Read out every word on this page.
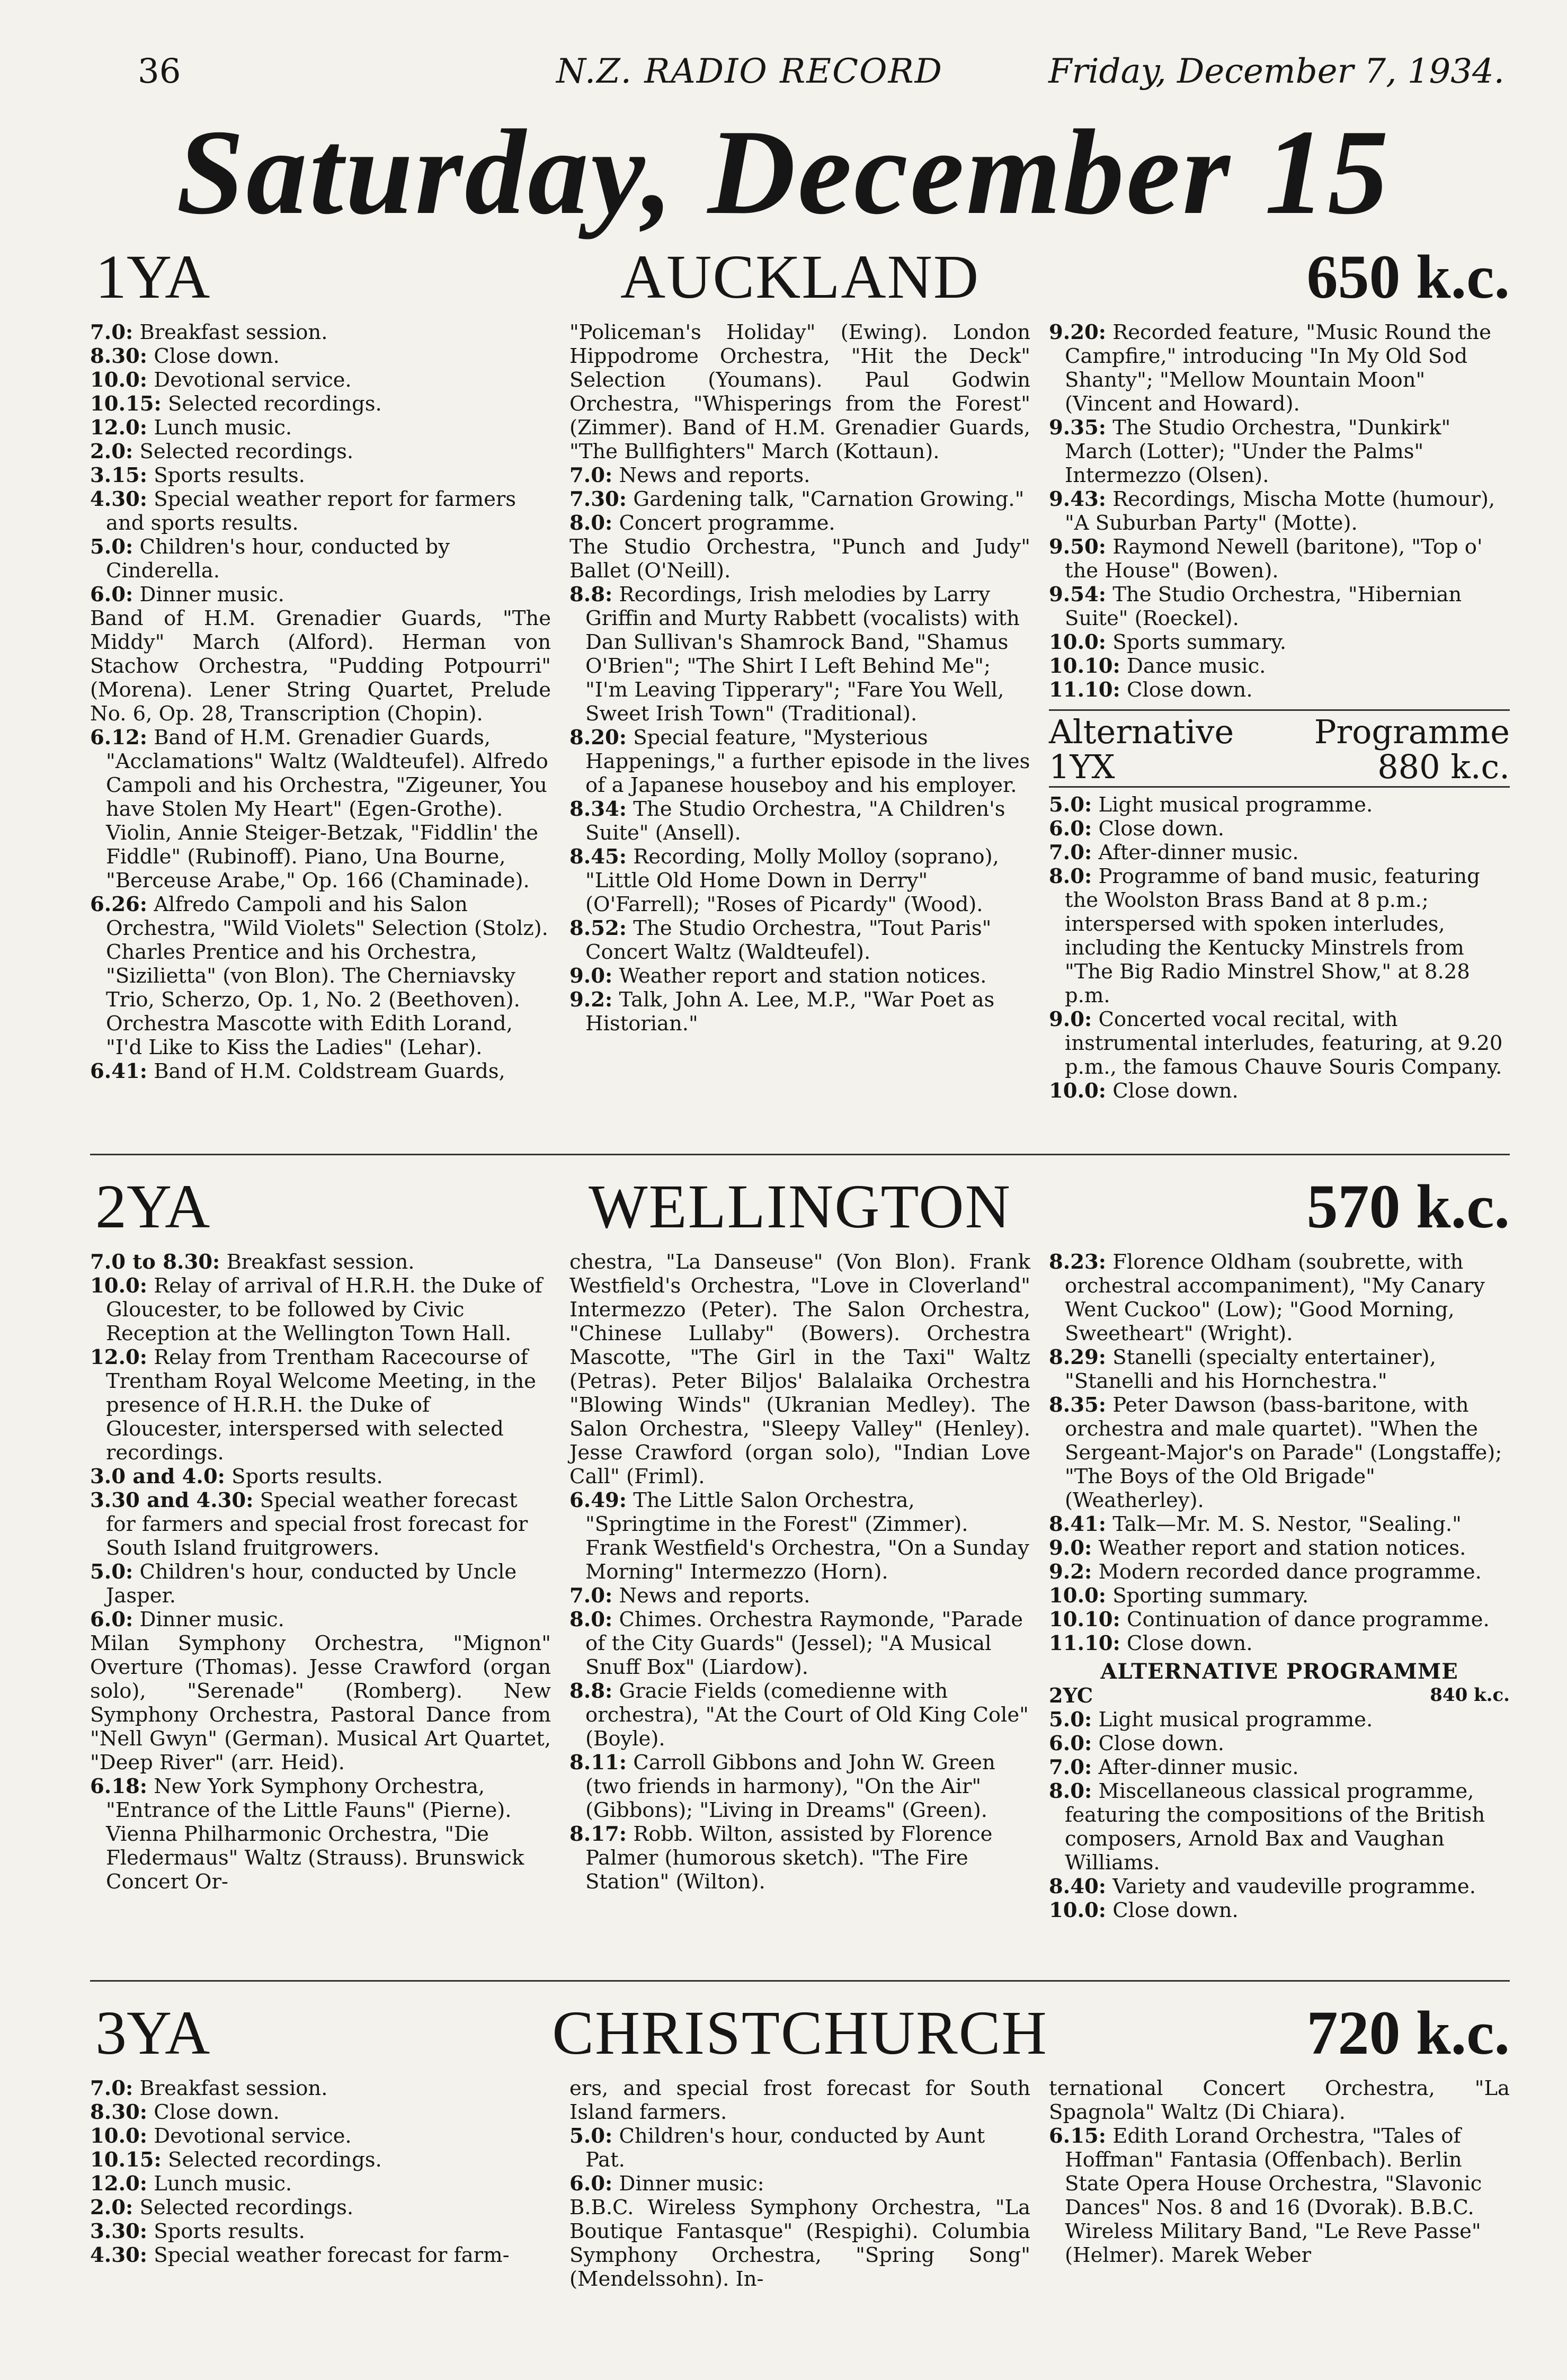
36	N.Z. RADIO RECORD	Friday, December 7, 1934.
Saturday, December 15
1YA	AUCKLAND	650 k.c.

7.0: Breakfast session.

8.30: Close down.

10.0: Devotional service.

10.15: Selected recordings.

12.0: Lunch music.

2.0: Selected recordings.

3.15: Sports results.

4.30: Special weather report for farmers and sports results.

5.0: Children's hour, conducted by Cinderella.

6.0: Dinner music.

Band of H.M. Grenadier Guards, "The Middy" March (Alford). Herman von Stachow Orchestra, "Pudding Potpourri" (Morena). Lener String Quartet, Prelude No. 6, Op. 28, Transcription (Chopin).

6.12: Band of H.M. Grenadier Guards, "Acclamations" Waltz (Waldteufel). Alfredo Campoli and his Orchestra, "Zigeuner, You have Stolen My Heart" (Egen-Grothe). Violin, Annie Steiger-Betzak, "Fiddlin' the Fiddle" (Rubinoff). Piano, Una Bourne, "Berceuse Arabe," Op. 166 (Chaminade).

6.26: Alfredo Campoli and his Salon Orchestra, "Wild Violets" Selection (Stolz). Charles Prentice and his Orchestra, "Sizilietta" (von Blon). The Cherniavsky Trio, Scherzo, Op. 1, No. 2 (Beethoven). Orchestra Mascotte with Edith Lorand, "I'd Like to Kiss the Ladies" (Lehar).

6.41: Band of H.M. Coldstream Guards,

"Policeman's Holiday" (Ewing). London Hippodrome Orchestra, "Hit the Deck" Selection (Youmans). Paul Godwin Orchestra, "Whisperings from the Forest" (Zimmer). Band of H.M. Grenadier Guards, "The Bullfighters" March (Kottaun).

7.0: News and reports.

7.30: Gardening talk, "Carnation Growing."

8.0: Concert programme.

The Studio Orchestra, "Punch and Judy" Ballet (O'Neill).

8.8: Recordings, Irish melodies by Larry Griffin and Murty Rabbett (vocalists) with Dan Sullivan's Shamrock Band, "Shamus O'Brien"; "The Shirt I Left Behind Me"; "I'm Leaving Tipperary"; "Fare You Well, Sweet Irish Town" (Traditional).

8.20: Special feature, "Mysterious Happenings," a further episode in the lives of a Japanese houseboy and his employer.

8.34: The Studio Orchestra, "A Children's Suite" (Ansell).

8.45: Recording, Molly Molloy (soprano), "Little Old Home Down in Derry" (O'Farrell); "Roses of Picardy" (Wood).

8.52: The Studio Orchestra, "Tout Paris" Concert Waltz (Waldteufel).

9.0: Weather report and station notices.

9.2: Talk, John A. Lee, M.P., "War Poet as Historian."

9.20: Recorded feature, "Music Round the Campfire," introducing "In My Old Sod Shanty"; "Mellow Mountain Moon" (Vincent and Howard).

9.35: The Studio Orchestra, "Dunkirk" March (Lotter); "Under the Palms" Intermezzo (Olsen).

9.43: Recordings, Mischa Motte (humour), "A Suburban Party" (Motte).

9.50: Raymond Newell (baritone), "Top o' the House" (Bowen).

9.54: The Studio Orchestra, "Hibernian Suite" (Roeckel).

10.0: Sports summary.

10.10: Dance music.

11.10: Close down.

Alternative Programme
1YX	880 k.c.

5.0: Light musical programme.

6.0: Close down.

7.0: After-dinner music.

8.0: Programme of band music, featuring the Woolston Brass Band at 8 p.m.; interspersed with spoken interludes, including the Kentucky Minstrels from "The Big Radio Minstrel Show," at 8.28 p.m.

9.0: Concerted vocal recital, with instrumental interludes, featuring, at 9.20 p.m., the famous Chauve Souris Company.

10.0: Close down.

2YA	WELLINGTON	570 k.c.

7.0 to 8.30: Breakfast session.

10.0: Relay of arrival of H.R.H. the Duke of Gloucester, to be followed by Civic Reception at the Wellington Town Hall.

12.0: Relay from Trentham Racecourse of Trentham Royal Welcome Meeting, in the presence of H.R.H. the Duke of Gloucester, interspersed with selected recordings.

3.0 and 4.0: Sports results.

3.30 and 4.30: Special weather forecast for farmers and special frost forecast for South Island fruitgrowers.

5.0: Children's hour, conducted by Uncle Jasper.

6.0: Dinner music.

Milan Symphony Orchestra, "Mignon" Overture (Thomas). Jesse Crawford (organ solo), "Serenade" (Romberg). New Symphony Orchestra, Pastoral Dance from "Nell Gwyn" (German). Musical Art Quartet, "Deep River" (arr. Heid).

6.18: New York Symphony Orchestra, "Entrance of the Little Fauns" (Pierne). Vienna Philharmonic Orchestra, "Die Fledermaus" Waltz (Strauss). Brunswick Concert Or-

chestra, "La Danseuse" (Von Blon). Frank Westfield's Orchestra, "Love in Cloverland" Intermezzo (Peter). The Salon Orchestra, "Chinese Lullaby" (Bowers). Orchestra Mascotte, "The Girl in the Taxi" Waltz (Petras). Peter Biljos' Balalaika Orchestra "Blowing Winds" (Ukranian Medley). The Salon Orchestra, "Sleepy Valley" (Henley). Jesse Crawford (organ solo), "Indian Love Call" (Friml).

6.49: The Little Salon Orchestra, "Springtime in the Forest" (Zimmer). Frank Westfield's Orchestra, "On a Sunday Morning" Intermezzo (Horn).

7.0: News and reports.

8.0: Chimes. Orchestra Raymonde, "Parade of the City Guards" (Jessel); "A Musical Snuff Box" (Liardow).

8.8: Gracie Fields (comedienne with orchestra), "At the Court of Old King Cole" (Boyle).

8.11: Carroll Gibbons and John W. Green (two friends in harmony), "On the Air" (Gibbons); "Living in Dreams" (Green).

8.17: Robb. Wilton, assisted by Florence Palmer (humorous sketch). "The Fire Station" (Wilton).

8.23: Florence Oldham (soubrette, with orchestral accompaniment), "My Canary Went Cuckoo" (Low); "Good Morning, Sweetheart" (Wright).

8.29: Stanelli (specialty entertainer), "Stanelli and his Hornchestra."

8.35: Peter Dawson (bass-baritone, with orchestra and male quartet). "When the Sergeant-Major's on Parade" (Longstaffe); "The Boys of the Old Brigade" (Weatherley).

8.41: Talk—Mr. M. S. Nestor, "Sealing."

9.0: Weather report and station notices.

9.2: Modern recorded dance programme.

10.0: Sporting summary.

10.10: Continuation of dance programme.

11.10: Close down.

ALTERNATIVE PROGRAMME
2YC	840 k.c.

5.0: Light musical programme.

6.0: Close down.

7.0: After-dinner music.

8.0: Miscellaneous classical programme, featuring the compositions of the British composers, Arnold Bax and Vaughan Williams.

8.40: Variety and vaudeville programme.

10.0: Close down.

3YA	CHRISTCHURCH	720 k.c.

7.0: Breakfast session.

8.30: Close down.

10.0: Devotional service.

10.15: Selected recordings.

12.0: Lunch music.

2.0: Selected recordings.

3.30: Sports results.

4.30: Special weather forecast for farm-

ers, and special frost forecast for South Island farmers.

5.0: Children's hour, conducted by Aunt Pat.

6.0: Dinner music:

B.B.C. Wireless Symphony Orchestra, "La Boutique Fantasque" (Respighi). Columbia Symphony Orchestra, "Spring Song" (Mendelssohn). In-

ternational Concert Orchestra, "La Spagnola" Waltz (Di Chiara).

6.15: Edith Lorand Orchestra, "Tales of Hoffman" Fantasia (Offenbach). Berlin State Opera House Orchestra, "Slavonic Dances" Nos. 8 and 16 (Dvorak). B.B.C. Wireless Military Band, "Le Reve Passe" (Helmer). Marek Weber
